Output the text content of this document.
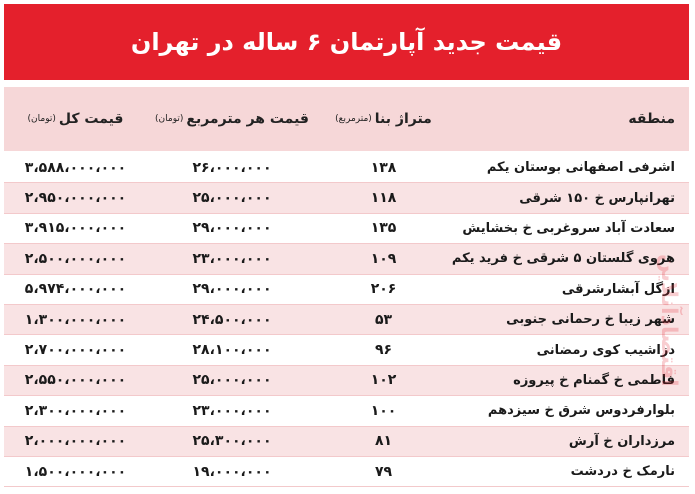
قیمت جدید آپارتمان ۶ ساله در تهران
منطقه
متراژ بنا
(مترمربع)
قیمت هر مترمربع
(تومان)
قیمت کل
(تومان)
اشرفی اصفهانی بوستان یکم
۱۳۸
۲۶،۰۰۰،۰۰۰
۳،۵۸۸،۰۰۰،۰۰۰
تهرانپارس خ ۱۵۰ شرقی
۱۱۸
۲۵،۰۰۰،۰۰۰
۲،۹۵۰،۰۰۰،۰۰۰
سعادت آباد سروغربی خ بخشایش
۱۳۵
۲۹،۰۰۰،۰۰۰
۳،۹۱۵،۰۰۰،۰۰۰
هروی گلستان ۵ شرقی خ فرید یکم
۱۰۹
۲۳،۰۰۰،۰۰۰
۲،۵۰۰،۰۰۰،۰۰۰
ازگل آبشارشرقی
۲۰۶
۲۹،۰۰۰،۰۰۰
۵،۹۷۴،۰۰۰،۰۰۰
شهر زیبا خ رحمانی جنوبی
۵۳
۲۴،۵۰۰،۰۰۰
۱،۳۰۰،۰۰۰،۰۰۰
دزاشیب کوی رمضانی
۹۶
۲۸،۱۰۰،۰۰۰
۲،۷۰۰،۰۰۰،۰۰۰
فاطمی خ گمنام خ پیروزه
۱۰۲
۲۵،۰۰۰،۰۰۰
۲،۵۵۰،۰۰۰،۰۰۰
بلوارفردوس شرق خ سیزدهم
۱۰۰
۲۳،۰۰۰،۰۰۰
۲،۳۰۰،۰۰۰،۰۰۰
مرزداران خ آرش
۸۱
۲۵،۳۰۰،۰۰۰
۲،۰۰۰،۰۰۰،۰۰۰
نارمک خ دردشت
۷۹
۱۹،۰۰۰،۰۰۰
۱،۵۰۰،۰۰۰،۰۰۰
اقتصادآنلاین
